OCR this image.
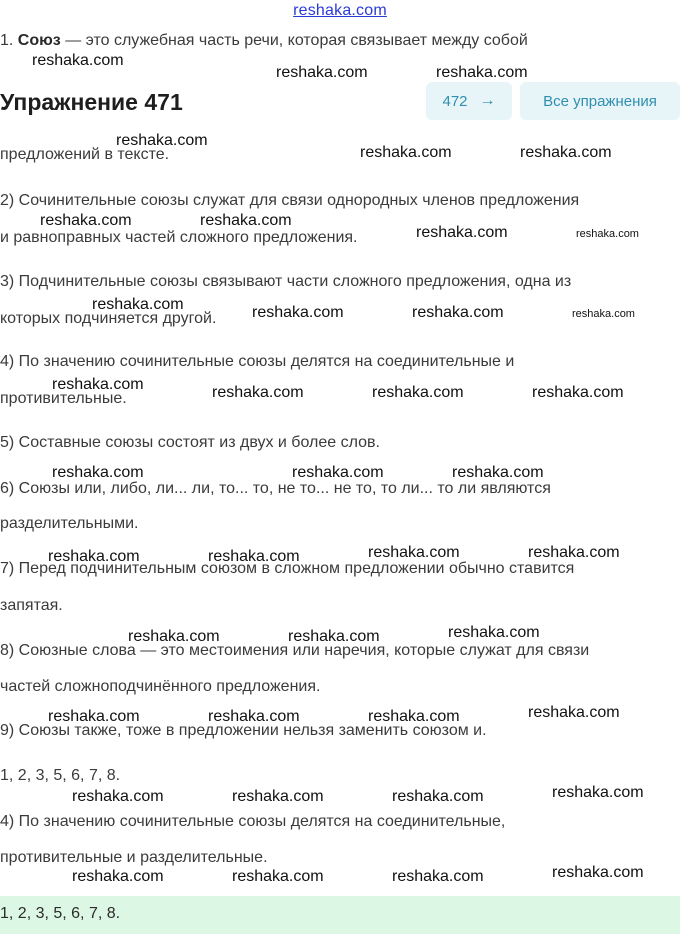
reshaka.com
1. Союз — это служебная часть речи, которая связывает между собой
Упражнение 471	472 →	Все упражнения
предложений в тексте.
2) Сочинительные союзы служат для связи однородных членов предложения
и равноправных частей сложного предложения.
3) Подчинительные союзы связывают части сложного предложения, одна из
которых подчиняется другой.
4) По значению сочинительные союзы делятся на соединительные и
противительные.
5) Составные союзы состоят из двух и более слов.
6) Союзы или, либо, ли... ли, то... то, не то... не то, то ли... то ли являются
разделительными.
7) Перед подчинительным союзом в сложном предложении обычно ставится
запятая.
8) Союзные слова — это местоимения или наречия, которые служат для связи
частей сложноподчинённого предложения.
9) Союзы также, тоже в предложении нельзя заменить союзом и.
1, 2, 3, 5, 6, 7, 8.
4) По значению сочинительные союзы делятся на соединительные,
противительные и разделительные.
1, 2, 3, 5, 6, 7, 8.
reshaka.com
reshaka.com	reshaka.com
reshaka.com
reshaka.com	reshaka.com
reshaka.com	reshaka.com
reshaka.com	reshaka.com
reshaka.com	reshaka.com	reshaka.com	reshaka.com
reshaka.com	reshaka.com	reshaka.com	reshaka.com
reshaka.com	reshaka.com	reshaka.com
reshaka.com	reshaka.com	reshaka.com	reshaka.com
reshaka.com	reshaka.com	reshaka.com
reshaka.com	reshaka.com	reshaka.com	reshaka.com
reshaka.com	reshaka.com	reshaka.com	reshaka.com
reshaka.com	reshaka.com	reshaka.com	reshaka.com
